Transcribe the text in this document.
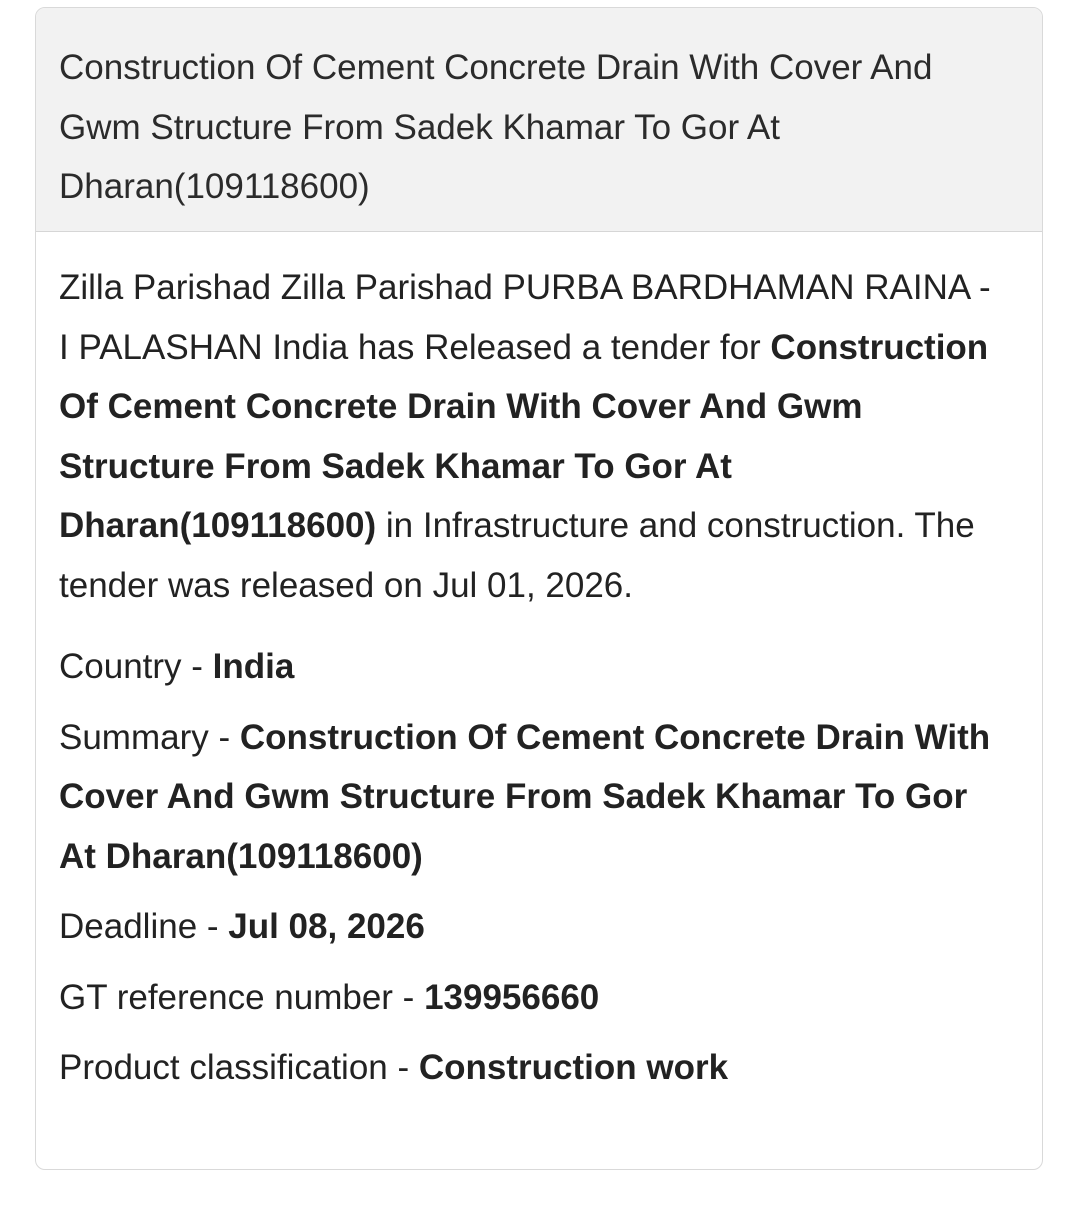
Construction Of Cement Concrete Drain With Cover And Gwm Structure From Sadek Khamar To Gor At Dharan(109118600)

Zilla Parishad Zilla Parishad PURBA BARDHAMAN RAINA - I PALASHAN India has Released a tender for Construction Of Cement Concrete Drain With Cover And Gwm Structure From Sadek Khamar To Gor At Dharan(109118600) in Infrastructure and construction. The tender was released on Jul 01, 2026.

Country - India

Summary - Construction Of Cement Concrete Drain With Cover And Gwm Structure From Sadek Khamar To Gor At Dharan(109118600)

Deadline - Jul 08, 2026

GT reference number - 139956660

Product classification - Construction work
